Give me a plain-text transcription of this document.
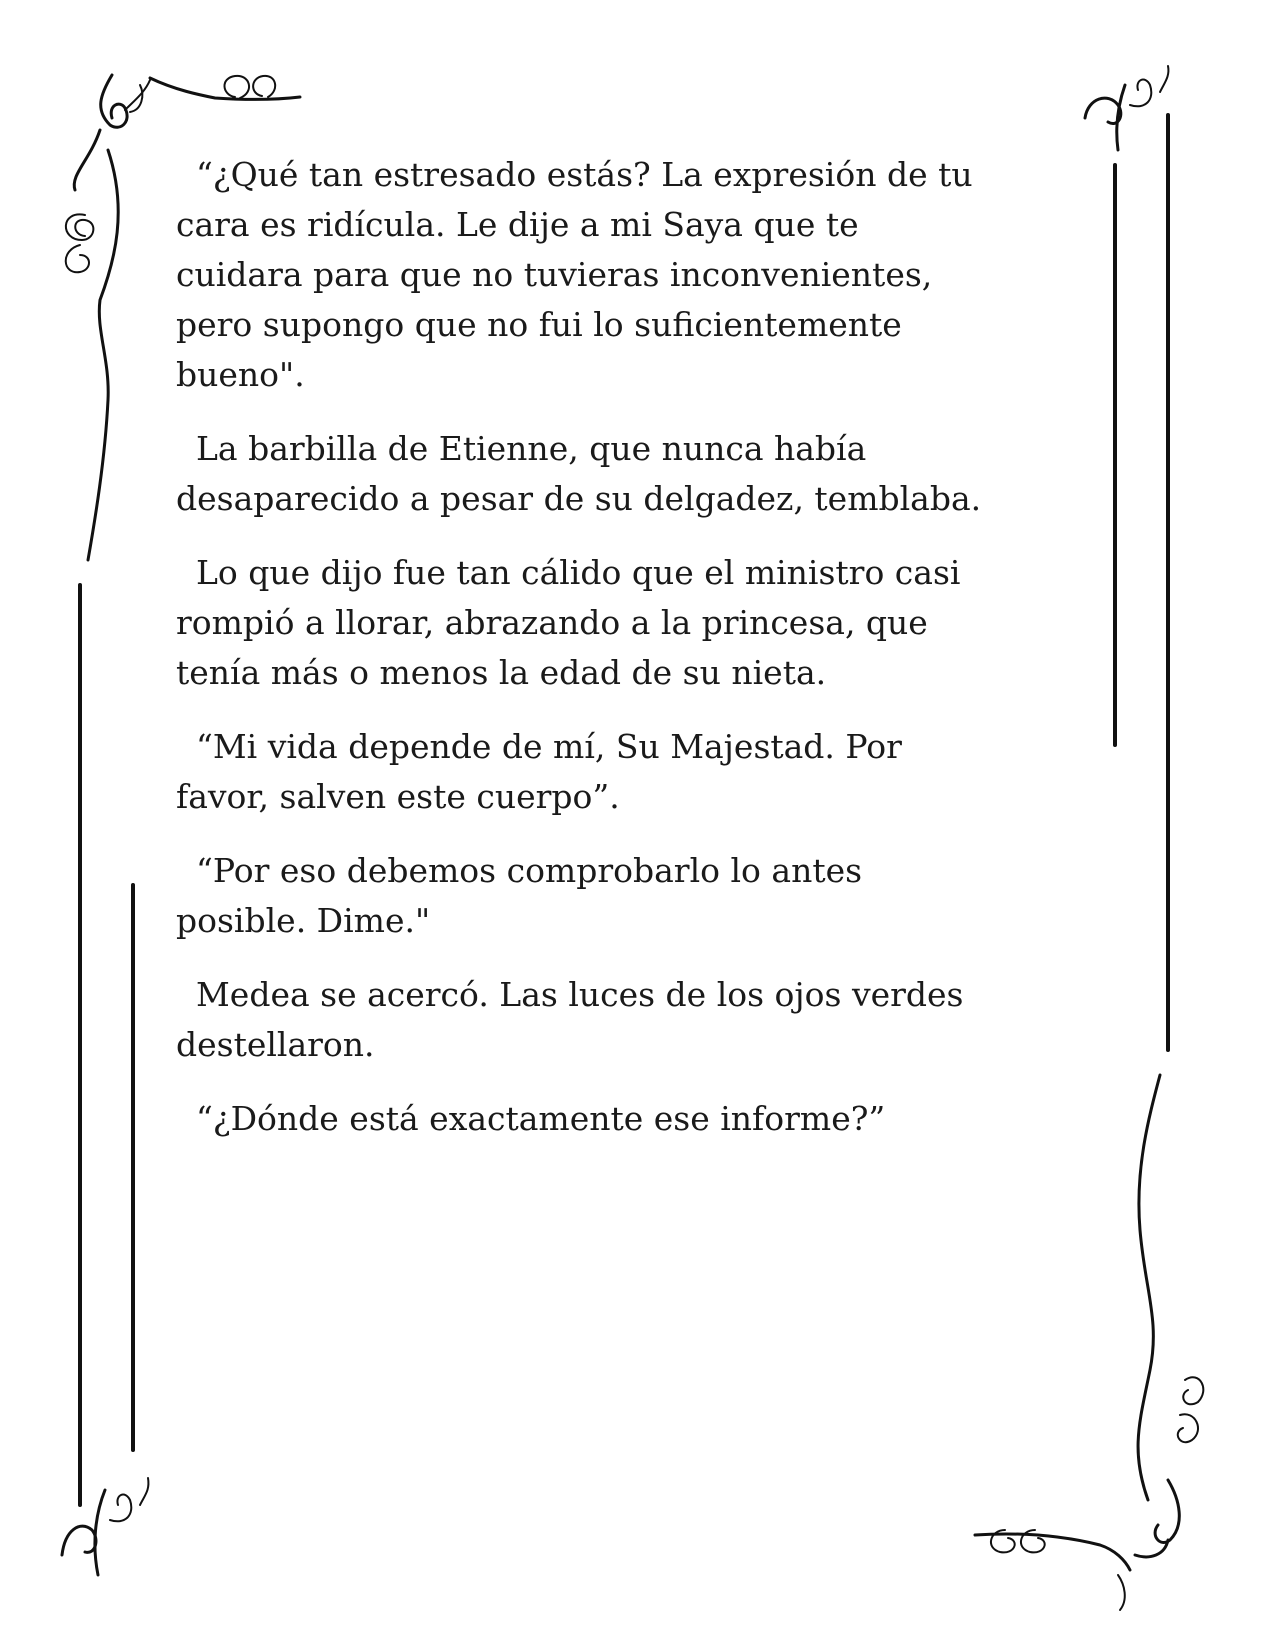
“¿Qué tan estresado estás? La expresión de tu
cara es ridícula. Le dije a mi Saya que te
cuidara para que no tuvieras inconvenientes,
pero supongo que no fui lo suficientemente
bueno".

La barbilla de Etienne, que nunca había
desaparecido a pesar de su delgadez, temblaba.

Lo que dijo fue tan cálido que el ministro casi
rompió a llorar, abrazando a la princesa, que
tenía más o menos la edad de su nieta.

“Mi vida depende de mí, Su Majestad. Por
favor, salven este cuerpo”.

“Por eso debemos comprobarlo lo antes
posible. Dime."

Medea se acercó. Las luces de los ojos verdes
destellaron.

“¿Dónde está exactamente ese informe?”
